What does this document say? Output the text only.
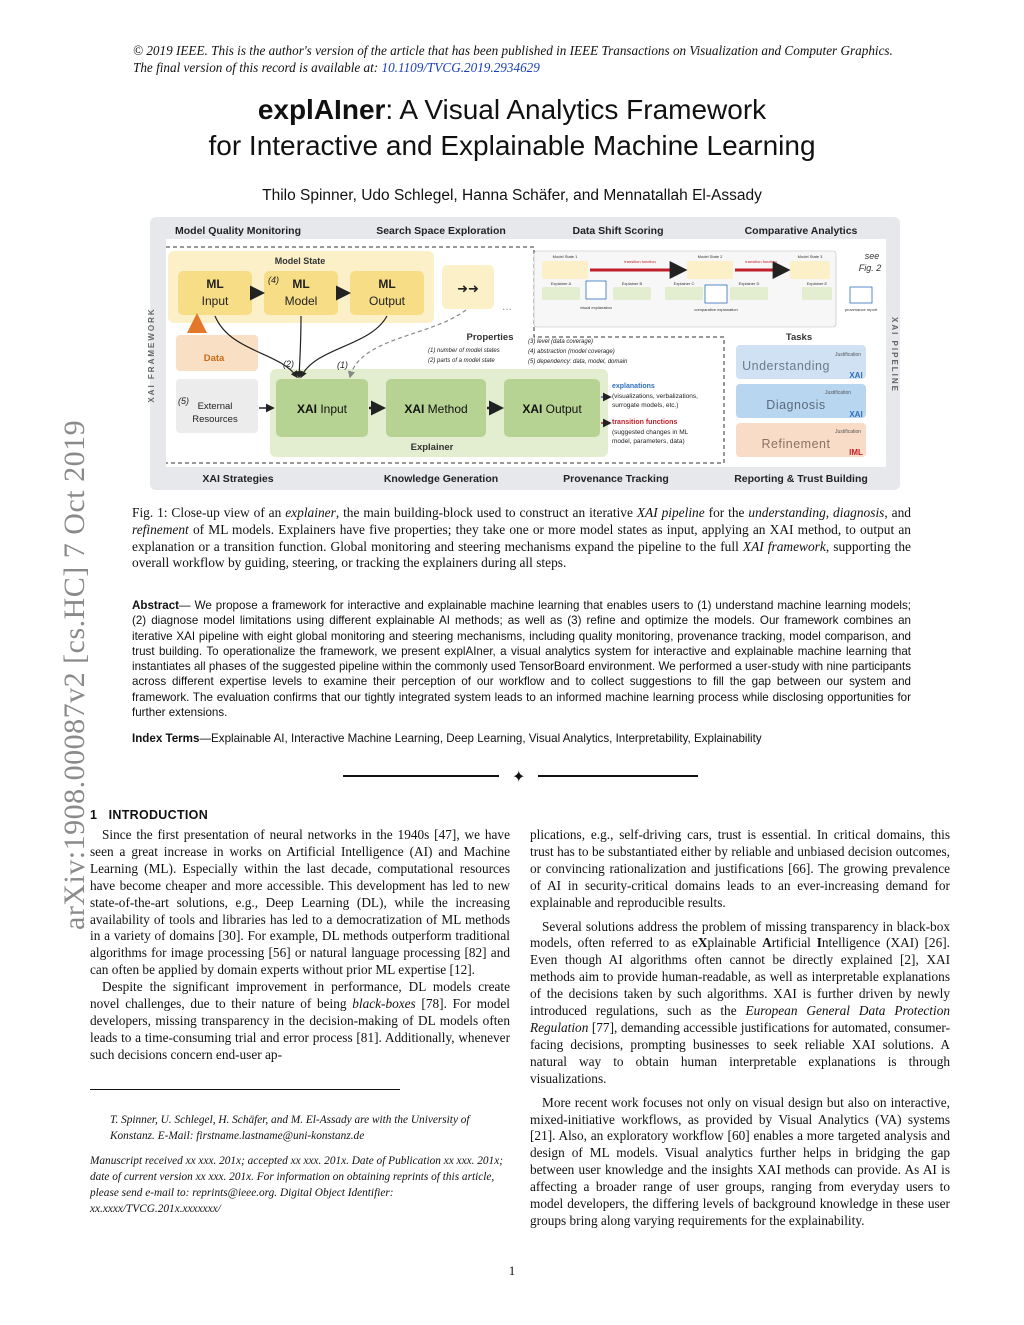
© 2019 IEEE. This is the author's version of the article that has been published in IEEE Transactions on Visualization and Computer Graphics. The final version of this record is available at: 10.1109/TVCG.2019.2934629
explAIner: A Visual Analytics Framework
for Interactive and Explainable Machine Learning
Thilo Spinner, Udo Schlegel, Hanna Schäfer, and Mennatallah El-Assady
arXiv:1908.00087v2 [cs.HC] 7 Oct 2019
Model Quality Monitoring	Search Space Exploration	Data Shift Scoring	Comparative Analytics
XAI Strategies	Knowledge Generation	Provenance Tracking	Reporting & Trust Building
XAI FRAMEWORK	XAI PIPELINE
Model State
ML
Input
ML
Model
ML
Output
(4)
➜➜
...
Model State 1	Model State 2	Model State 3
transition function	transition function
Explainer A	Explainer B	Explainer C	Explainer D	Explainer E
visual explanation	comparative explanation	provenance report
see
Fig. 2
Data
(5) External
Resources
Explainer
XAI Input	XAI Method	XAI Output
(2)	(1)
Properties
(1) number of model states
(2) parts of a model state
(3) level (data coverage)
(4) abstraction (model coverage)
(5) dependency: data, model, domain
explanations
(visualizations, verbalizations,
surrogate models, etc.)
transition functions
(suggested changes in ML
model, parameters, data)
Tasks
Understanding
Justification
XAI
Diagnosis
Justification
XAI
Refinement
Justification
IML
Fig. 1: Close-up view of an explainer, the main building-block used to construct an iterative XAI pipeline for the understanding, diagnosis, and refinement of ML models. Explainers have five properties; they take one or more model states as input, applying an XAI method, to output an explanation or a transition function. Global monitoring and steering mechanisms expand the pipeline to the full XAI framework, supporting the overall workflow by guiding, steering, or tracking the explainers during all steps.
Abstract— We propose a framework for interactive and explainable machine learning that enables users to (1) understand machine learning models; (2) diagnose model limitations using different explainable AI methods; as well as (3) refine and optimize the models. Our framework combines an iterative XAI pipeline with eight global monitoring and steering mechanisms, including quality monitoring, provenance tracking, model comparison, and trust building. To operationalize the framework, we present explAIner, a visual analytics system for interactive and explainable machine learning that instantiates all phases of the suggested pipeline within the commonly used TensorBoard environment. We performed a user-study with nine participants across different expertise levels to examine their perception of our workflow and to collect suggestions to fill the gap between our system and framework. The evaluation confirms that our tightly integrated system leads to an informed machine learning process while disclosing opportunities for further extensions.
Index Terms—Explainable AI, Interactive Machine Learning, Deep Learning, Visual Analytics, Interpretability, Explainability
✦
1 INTRODUCTION

Since the first presentation of neural networks in the 1940s [47], we have seen a great increase in works on Artificial Intelligence (AI) and Machine Learning (ML). Especially within the last decade, computational resources have become cheaper and more accessible. This development has led to new state-of-the-art solutions, e.g., Deep Learning (DL), while the increasing availability of tools and libraries has led to a democratization of ML methods in a variety of domains [30]. For example, DL methods outperform traditional algorithms for image processing [56] or natural language processing [82] and can often be applied by domain experts without prior ML expertise [12].

Despite the significant improvement in performance, DL models create novel challenges, due to their nature of being black-boxes [78]. For model developers, missing transparency in the decision-making of DL models often leads to a time-consuming trial and error process [81]. Additionally, whenever such decisions concern end-user ap-

T. Spinner, U. Schlegel, H. Schäfer, and M. El-Assady are with the University of Konstanz. E-Mail: firstname.lastname@uni-konstanz.de
Manuscript received xx xxx. 201x; accepted xx xxx. 201x. Date of Publication xx xxx. 201x; date of current version xx xxx. 201x. For information on obtaining reprints of this article, please send e-mail to: reprints@ieee.org. Digital Object Identifier: xx.xxxx/TVCG.201x.xxxxxxx/

plications, e.g., self-driving cars, trust is essential. In critical domains, this trust has to be substantiated either by reliable and unbiased decision outcomes, or convincing rationalization and justifications [66]. The growing prevalence of AI in security-critical domains leads to an ever-increasing demand for explainable and reproducible results.

Several solutions address the problem of missing transparency in black-box models, often referred to as eXplainable Artificial Intelligence (XAI) [26]. Even though AI algorithms often cannot be directly explained [2], XAI methods aim to provide human-readable, as well as interpretable explanations of the decisions taken by such algorithms. XAI is further driven by newly introduced regulations, such as the European General Data Protection Regulation [77], demanding accessible justifications for automated, consumer-facing decisions, prompting businesses to seek reliable XAI solutions. A natural way to obtain human interpretable explanations is through visualizations.

More recent work focuses not only on visual design but also on interactive, mixed-initiative workflows, as provided by Visual Analytics (VA) systems [21]. Also, an exploratory workflow [60] enables a more targeted analysis and design of ML models. Visual analytics further helps in bridging the gap between user knowledge and the insights XAI methods can provide. As AI is affecting a broader range of user groups, ranging from everyday users to model developers, the differing levels of background knowledge in these user groups bring along varying requirements for the explainability.

1
